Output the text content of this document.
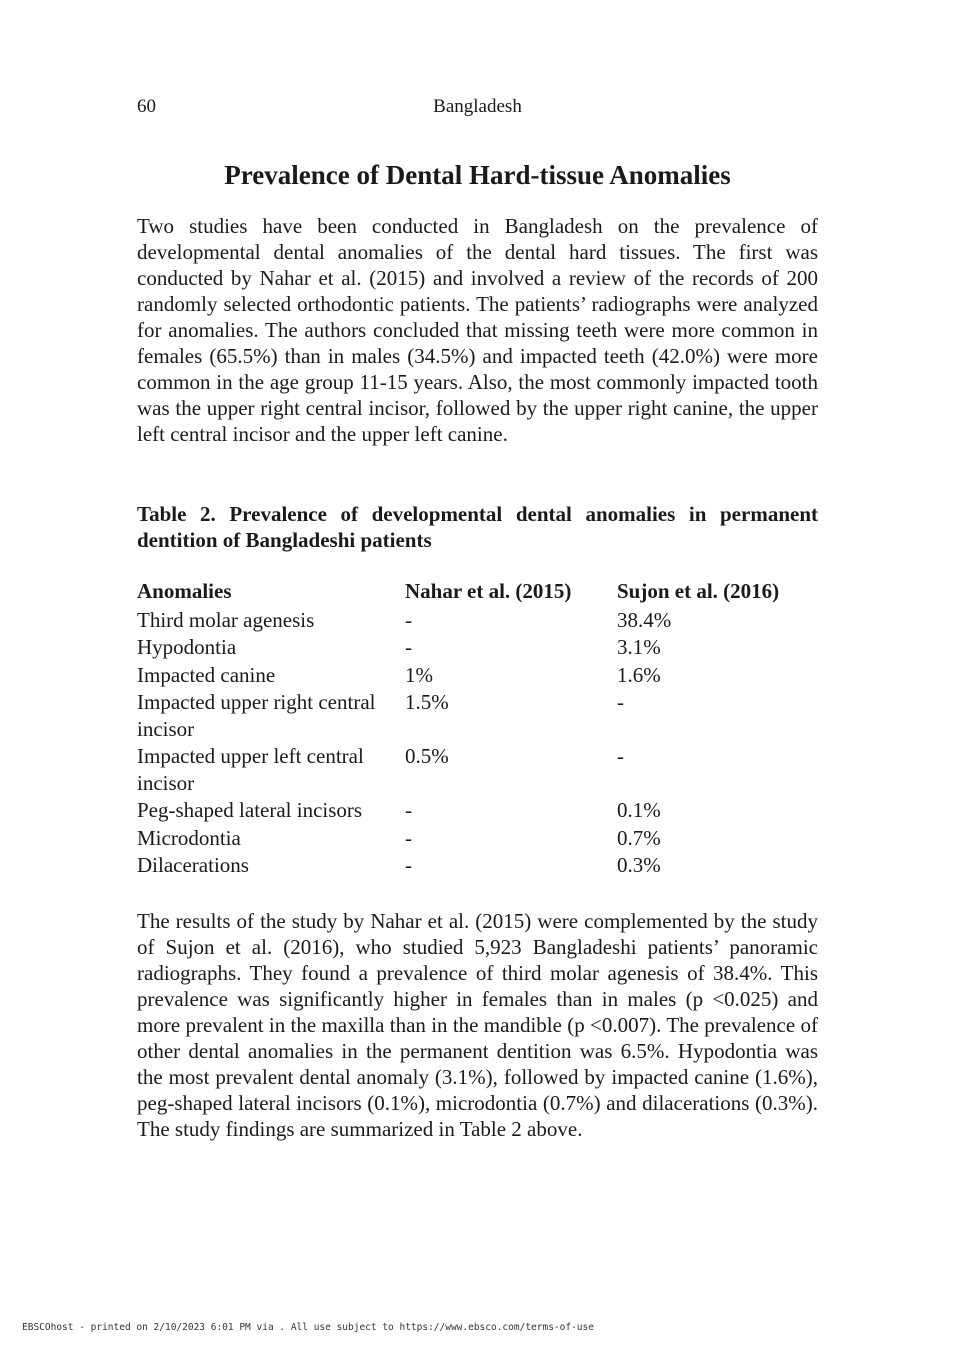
60	Bangladesh
Prevalence of Dental Hard-tissue Anomalies

Two studies have been conducted in Bangladesh on the prevalence of developmental dental anomalies of the dental hard tissues. The first was conducted by Nahar et al. (2015) and involved a review of the records of 200 randomly selected orthodontic patients. The patients’ radiographs were analyzed for anomalies. The authors concluded that missing teeth were more common in females (65.5%) than in males (34.5%) and impacted teeth (42.0%) were more common in the age group 11-15 years. Also, the most commonly impacted tooth was the upper right central incisor, followed by the upper right canine, the upper left central incisor and the upper left canine.

Table 2. Prevalence of developmental dental anomalies in permanent dentition of Bangladeshi patients

Anomalies	Nahar et al. (2015)	Sujon et al. (2016)
Third molar agenesis	-	38.4%
Hypodontia	-	3.1%
Impacted canine	1%	1.6%
Impacted upper right central incisor	1.5%	-
Impacted upper left central incisor	0.5%	-
Peg-shaped lateral incisors	-	0.1%
Microdontia	-	0.7%
Dilacerations	-	0.3%

The results of the study by Nahar et al. (2015) were complemented by the study of Sujon et al. (2016), who studied 5,923 Bangladeshi patients’ panoramic radiographs. They found a prevalence of third molar agenesis of 38.4%. This prevalence was significantly higher in females than in males (p <0.025) and more prevalent in the maxilla than in the mandible (p <0.007). The prevalence of other dental anomalies in the permanent dentition was 6.5%. Hypodontia was the most prevalent dental anomaly (3.1%), followed by impacted canine (1.6%), peg-shaped lateral incisors (0.1%), microdontia (0.7%) and dilacerations (0.3%). The study findings are summarized in Table 2 above.

EBSCOhost - printed on 2/10/2023 6:01 PM via . All use subject to https://www.ebsco.com/terms-of-use
